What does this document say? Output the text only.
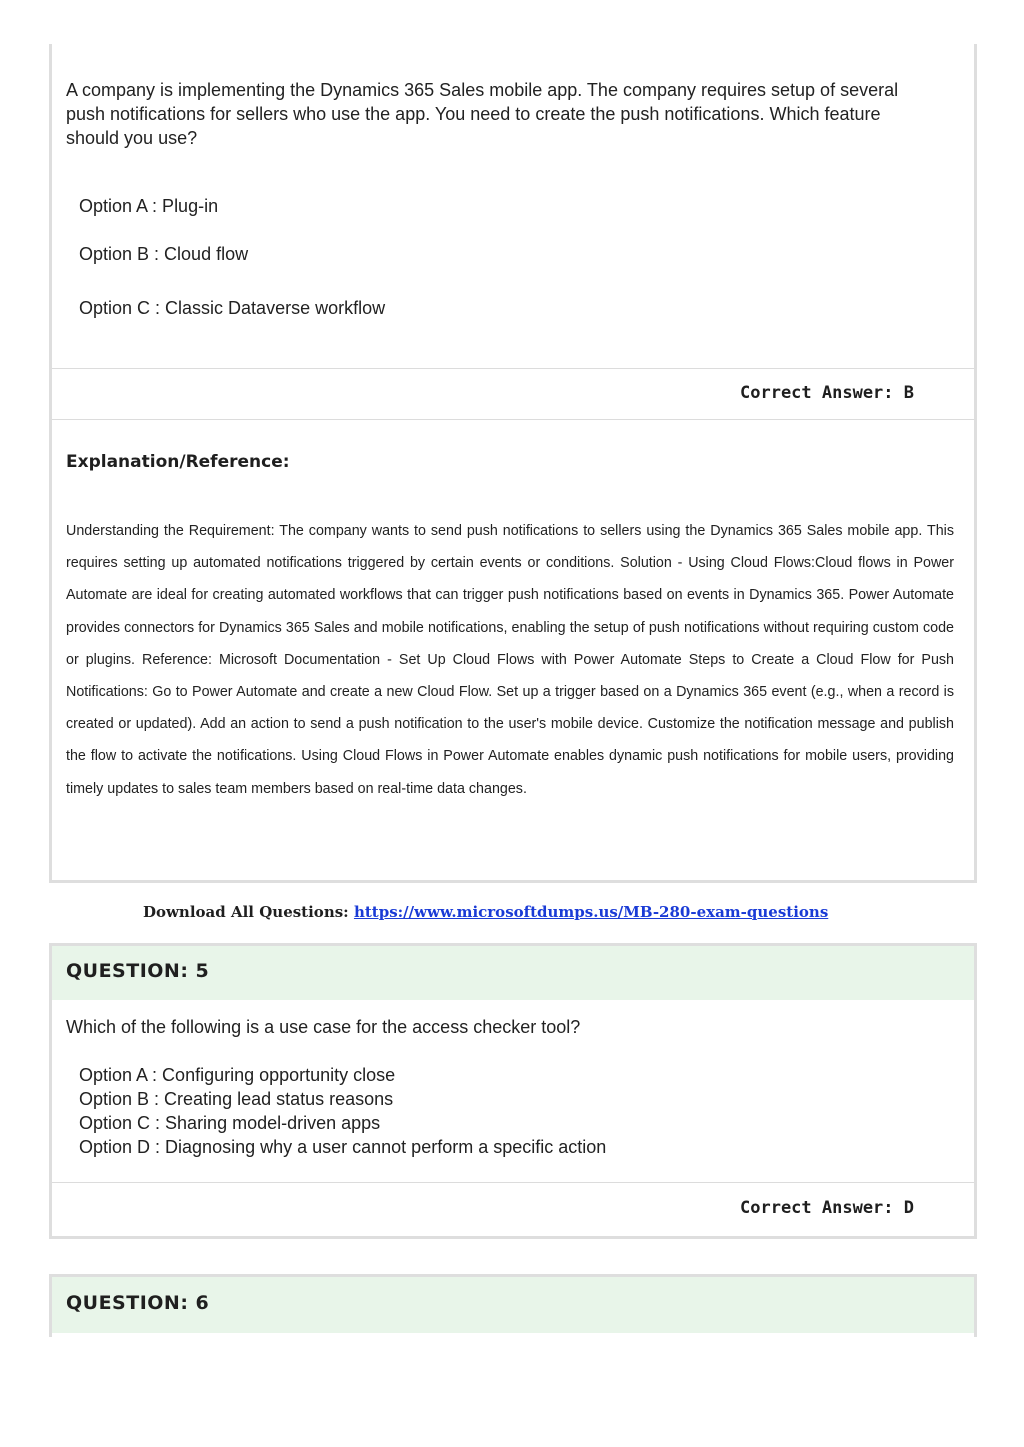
A company is implementing the Dynamics 365 Sales mobile app. The company requires setup of several push notifications for sellers who use the app. You need to create the push notifications. Which feature should you use?

Option A : Plug-in

Option B : Cloud flow

Option C : Classic Dataverse workflow

Correct Answer: B

Explanation/Reference:

Understanding the Requirement: The company wants to send push notifications to sellers using the Dynamics 365 Sales mobile app. This requires setting up automated notifications triggered by certain events or conditions. Solution - Using Cloud Flows:Cloud flows in Power Automate are ideal for creating automated workflows that can trigger push notifications based on events in Dynamics 365. Power Automate provides connectors for Dynamics 365 Sales and mobile notifications, enabling the setup of push notifications without requiring custom code or plugins. Reference: Microsoft Documentation - Set Up Cloud Flows with Power Automate Steps to Create a Cloud Flow for Push Notifications: Go to Power Automate and create a new Cloud Flow. Set up a trigger based on a Dynamics 365 event (e.g., when a record is created or updated). Add an action to send a push notification to the user's mobile device. Customize the notification message and publish the flow to activate the notifications. Using Cloud Flows in Power Automate enables dynamic push notifications for mobile users, providing timely updates to sales team members based on real-time data changes.

Download All Questions: https://www.microsoftdumps.us/MB-280-exam-questions

QUESTION: 5

Which of the following is a use case for the access checker tool?

Option A : Configuring opportunity close

Option B : Creating lead status reasons

Option C : Sharing model-driven apps

Option D : Diagnosing why a user cannot perform a specific action

Correct Answer: D

QUESTION: 6
